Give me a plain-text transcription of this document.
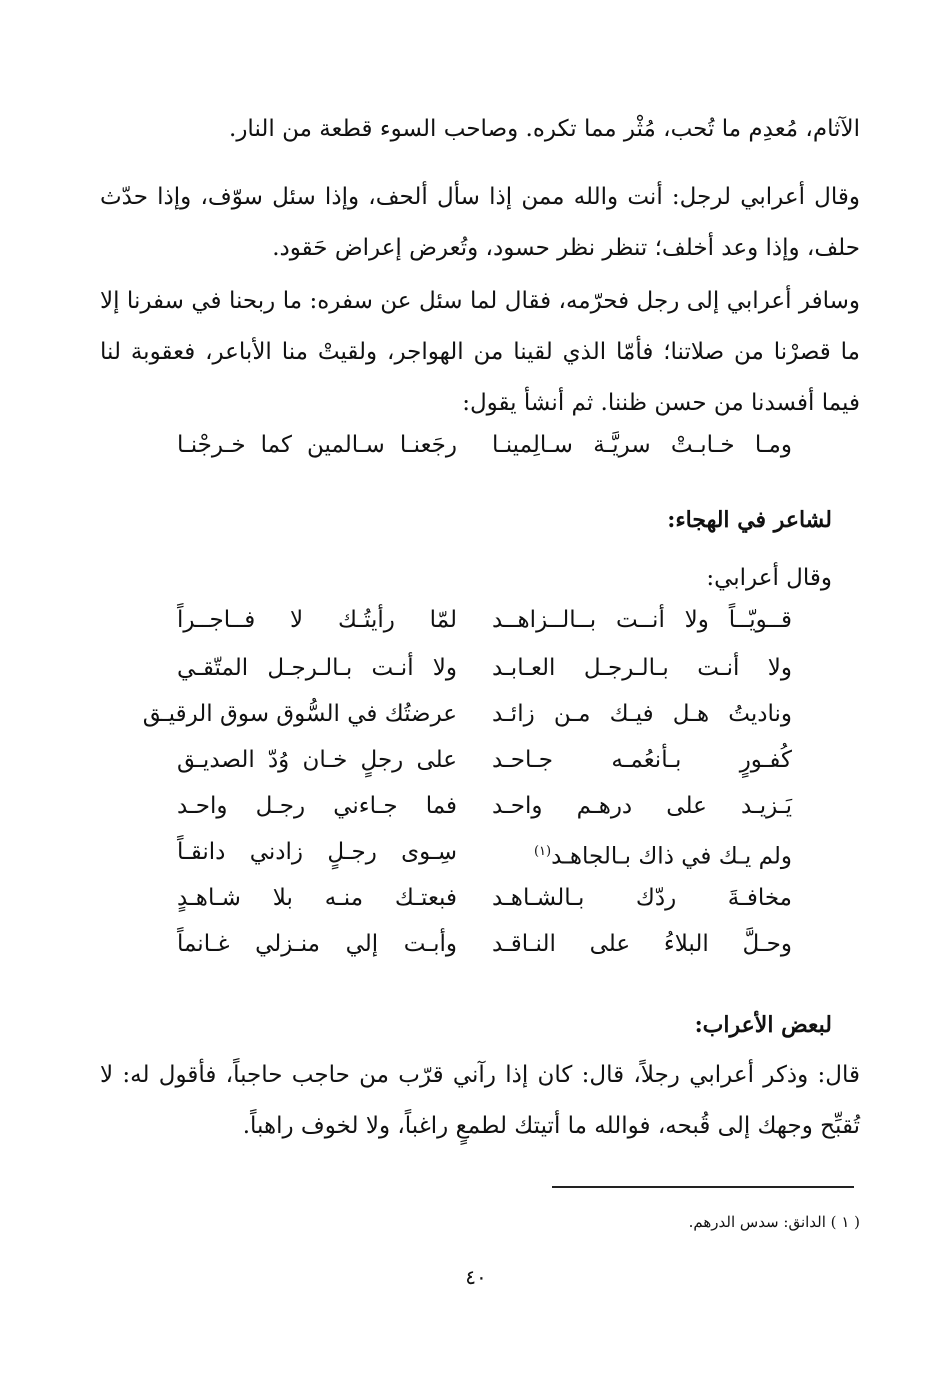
الآثام، مُعدِم ما تُحب، مُثْر مما تكره. وصاحب السوء قطعة من النار.

وقال أعرابي لرجل: أنت والله ممن إذا سأل ألحف، وإذا سئل سوّف، وإذا حدّث حلف، وإذا وعد أخلف؛ تنظر نظر حسود، وتُعرض إعراض حَقود.

وسافر أعرابي إلى رجل فحرّمه، فقال لما سئل عن سفره: ما ربحنا في سفرنا إلا ما قصرْنا من صلاتنا؛ فأمّا الذي لقينا من الهواجر، ولقيتْ منا الأباعر، فعقوبة لنا فيما أفسدنا من حسن ظننا. ثم أنشأ يقول:

رجَعنـا سـالمين كما خـرجْنـا ومـا خـابـتْ سريَّـة سـالِمينـا
لشاعر في الهجاء:
وقال أعرابي:
لمّا رأيتُـك لا فــاجــراً قــويّــاً ولا أنــت بــالــزاهــد
ولا أنـت بـالـرجـل المتّقـي ولا أنـت بـالـرجـل العـابـد
عرضتُك في السُّوق سوق الرقيـق وناديتُ هـل فيـك مـن زائـد
على رجلٍ خـان وُدّ الصديـق كُفـورٍ بـأنعُمـه جـاحـد
فما جـاءني رجـل واحـد يَـزيـد على درهـم واحـد
سِـوى رجـلٍ زادني دانقـاً	ولم يـك في ذاك بـالجاهـد$^{(١)}$
فبعتـك منـه بلا شـاهـدٍ مخافـةَ ردّك بـالشـاهـد
وأبـت إلي منـزلي غـانماً وحـلَّ البلاءُ على النـاقـد
لبعض الأعراب:

قال: وذكر أعرابي رجلاً، قال: كان إذا رآني قرّب من حاجب حاجباً، فأقول له: لا تُقبِّح وجهك إلى قُبحه، فوالله ما أتيتك لطمعٍ راغباً، ولا لخوف راهباً.

( ١ ) الدانق: سدس الدرهم.
٤٠
